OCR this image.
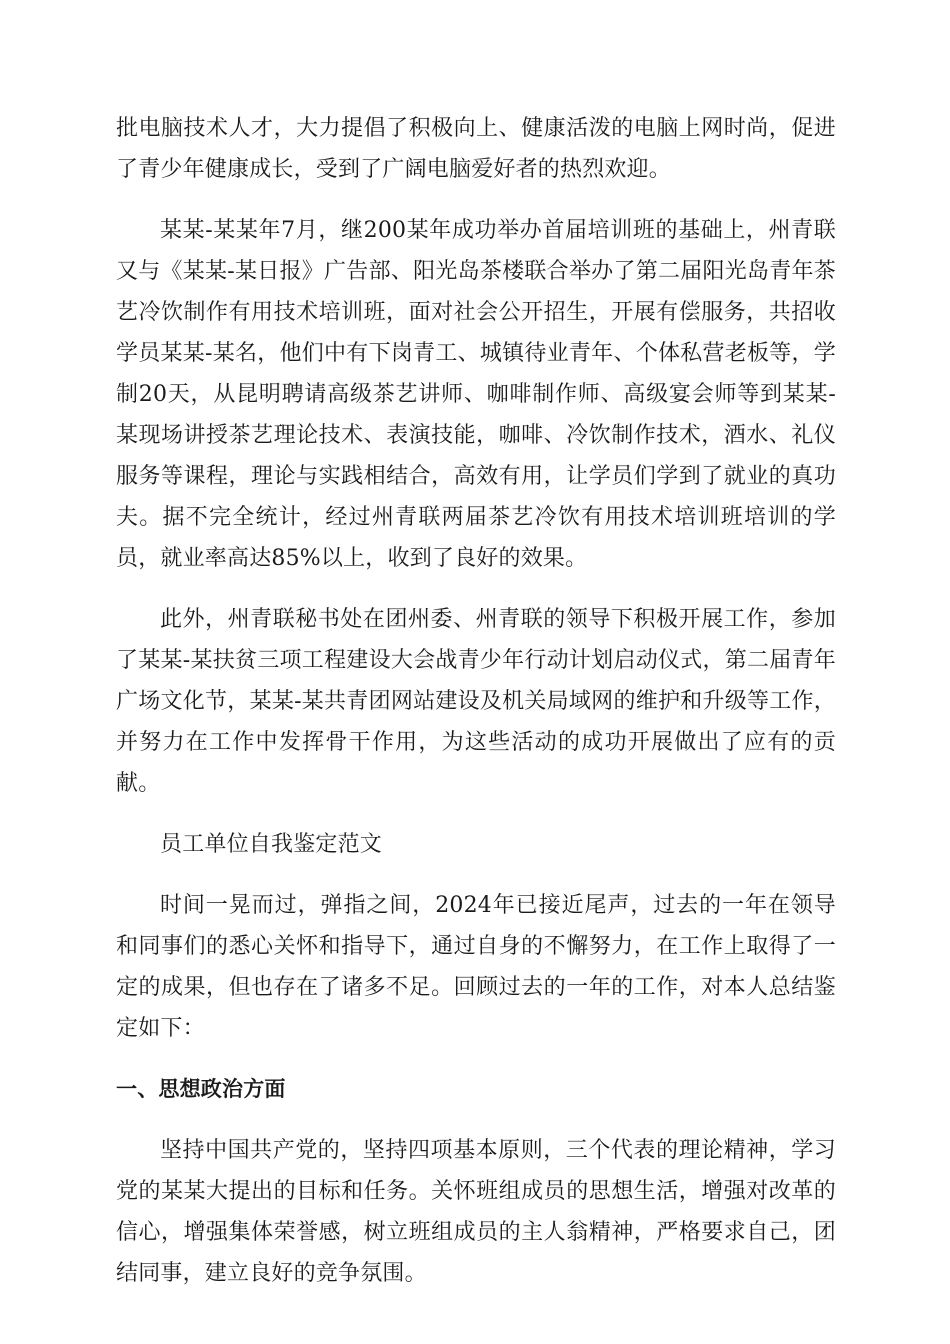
批电脑技术人才，大力提倡了积极向上、健康活泼的电脑上网时尚，促进了青少年健康成长，受到了广阔电脑爱好者的热烈欢迎。

某某-某某年7月，继200某年成功举办首届培训班的基础上，州青联又与《某某-某日报》广告部、阳光岛茶楼联合举办了第二届阳光岛青年茶艺冷饮制作有用技术培训班，面对社会公开招生，开展有偿服务，共招收学员某某-某名，他们中有下岗青工、城镇待业青年、个体私营老板等，学制20天，从昆明聘请高级茶艺讲师、咖啡制作师、高级宴会师等到某某-某现场讲授茶艺理论技术、表演技能，咖啡、冷饮制作技术，酒水、礼仪服务等课程，理论与实践相结合，高效有用，让学员们学到了就业的真功夫。据不完全统计，经过州青联两届茶艺冷饮有用技术培训班培训的学员，就业率高达85%以上，收到了良好的效果。

此外，州青联秘书处在团州委、州青联的领导下积极开展工作，参加了某某-某扶贫三项工程建设大会战青少年行动计划启动仪式，第二届青年广场文化节，某某-某共青团网站建设及机关局域网的维护和升级等工作，并努力在工作中发挥骨干作用，为这些活动的成功开展做出了应有的贡献。

员工单位自我鉴定范文

时间一晃而过，弹指之间，2024年已接近尾声，过去的一年在领导和同事们的悉心关怀和指导下，通过自身的不懈努力，在工作上取得了一定的成果，但也存在了诸多不足。回顾过去的一年的工作，对本人总结鉴定如下：

一、思想政治方面

坚持中国共产党的，坚持四项基本原则，三个代表的理论精神，学习党的某某大提出的目标和任务。关怀班组成员的思想生活，增强对改革的信心，增强集体荣誉感，树立班组成员的主人翁精神，严格要求自己，团结同事，建立良好的竞争氛围。
